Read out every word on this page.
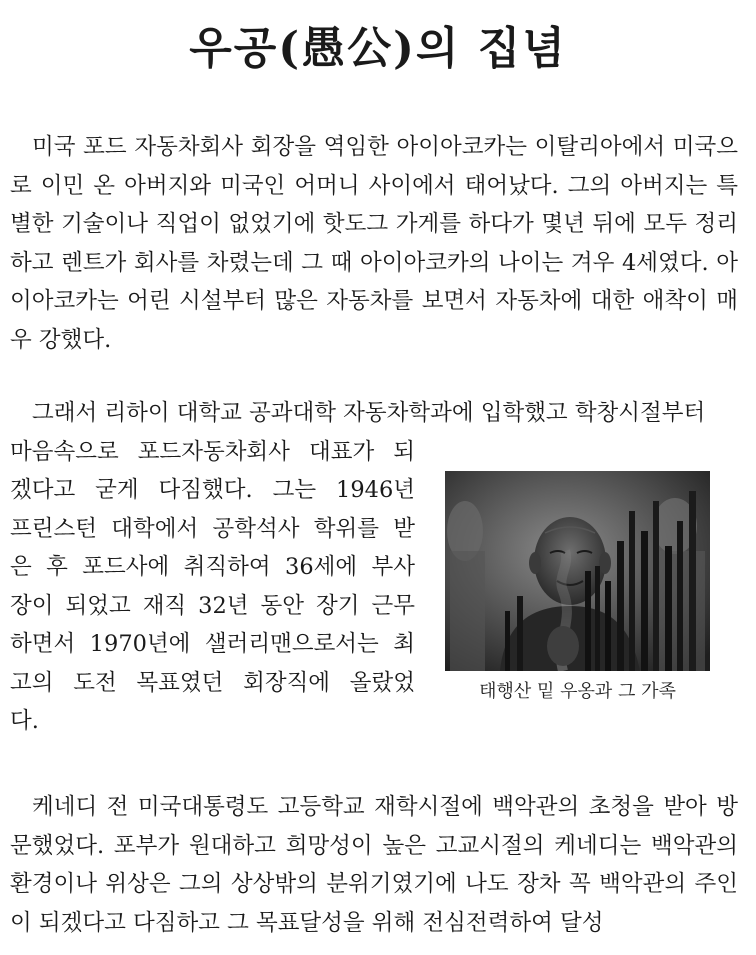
우공(愚公)의 집념

미국 포드 자동차회사 회장을 역임한 아이아코카는 이탈리아에서 미국으로 이민 온 아버지와 미국인 어머니 사이에서 태어났다. 그의 아버지는 특별한 기술이나 직업이 없었기에 핫도그 가게를 하다가 몇년 뒤에 모두 정리하고 렌트가 회사를 차렸는데 그 때 아이아코카의 나이는 겨우 4세였다. 아이아코카는 어린 시설부터 많은 자동차를 보면서 자동차에 대한 애착이 매우 강했다.

그래서 리하이 대학교 공과대학 자동차학과에 입학했고 학창시절부터
마음속으로 포드자동차회사 대표가 되
겠다고 굳게 다짐했다. 그는 1946년
프린스턴 대학에서 공학석사 학위를 받
은 후 포드사에 취직하여 36세에 부사
장이 되었고 재직 32년 동안 장기 근무
하면서 1970년에 샐러리맨으로서는 최
고의 도전 목표였던 회장직에 올랐었
다.
태행산 밑 우옹과 그 가족

케네디 전 미국대통령도 고등학교 재학시절에 백악관의 초청을 받아 방문했었다. 포부가 원대하고 희망성이 높은 고교시절의 케네디는 백악관의 환경이나 위상은 그의 상상밖의 분위기였기에 나도 장차 꼭 백악관의 주인이 되겠다고 다짐하고 그 목표달성을 위해 전심전력하여 달성
